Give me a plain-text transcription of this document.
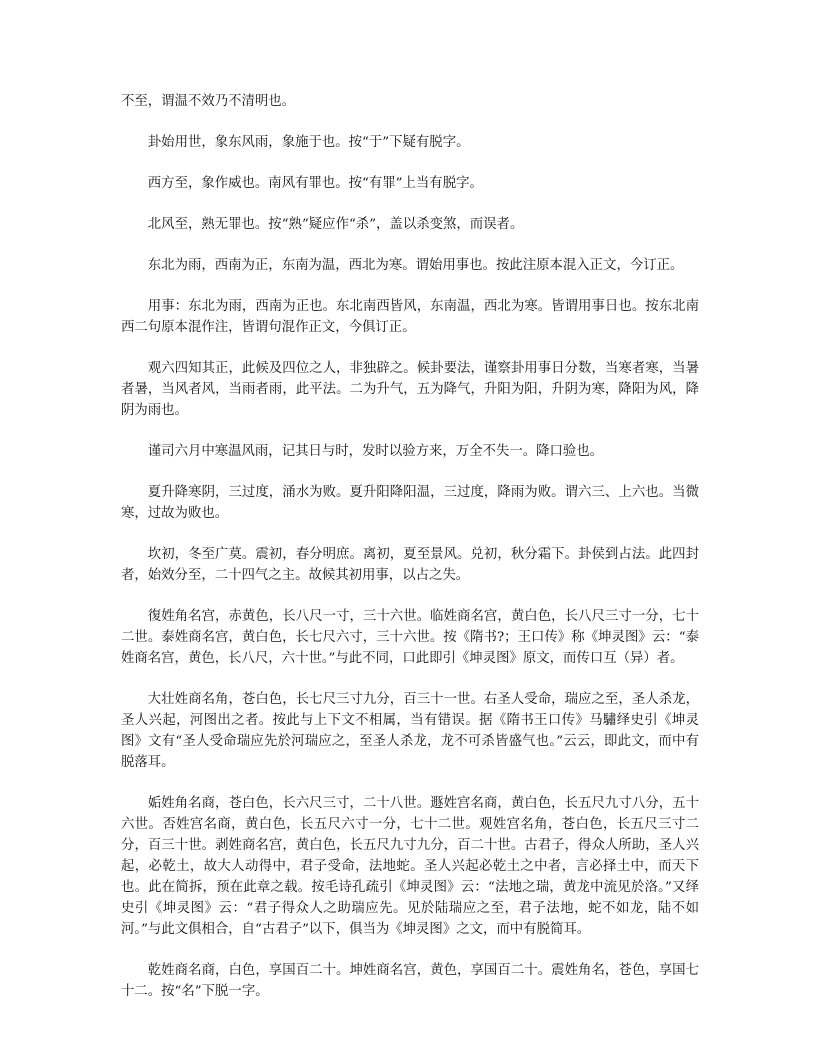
不至，谓温不效乃不清明也。

卦始用世，象东风雨，象施于也。按“于”下疑有脱字。

西方至，象作威也。南风有罪也。按“有罪”上当有脱字。

北风至，熟无罪也。按“熟”疑应作“杀”，盖以杀变煞，而误者。

东北为雨，西南为正，东南为温，西北为寒。谓始用事也。按此注原本混入正文，今订正。

用事：东北为雨，西南为正也。东北南西皆风，东南温，西北为寒。皆谓用事日也。按东北南西二句原本混作注，皆谓句混作正文，今俱订正。

观六四知其正，此候及四位之人，非独辟之。候卦要法，谨察卦用事日分数，当寒者寒，当暑者暑，当风者风，当雨者雨，此平法。二为升气，五为降气，升阳为阳，升阴为寒，降阳为风，降阴为雨也。

谨司六月中寒温风雨，记其日与时，发时以验方来，万全不失一。降口验也。

夏升降寒阴，三过度，涌水为败。夏升阳降阳温，三过度，降雨为败。谓六三、上六也。当微寒，过故为败也。

坎初，冬至广莫。震初，春分明庶。离初，夏至景风。兑初，秋分霜下。卦侯到占法。此四封者，始效分至，二十四气之主。故候其初用事，以占之失。

復姓角名宫，赤黄色，长八尺一寸，三十六世。临姓商名宫，黄白色，长八尺三寸一分，七十二世。泰姓商名宫，黄白色，长七尺六寸，三十六世。按《隋书?；王口传》称《坤灵图》云：“泰姓商名宫，黄色，长八尺，六十世。”与此不同，口此即引《坤灵图》原文，而传口互（异）者。

大壮姓商名角，苍白色，长七尺三寸九分，百三十一世。右圣人受命，瑞应之至，圣人杀龙，圣人兴起，河图出之者。按此与上下文不相属，当有错误。据《隋书王口传》马驌绎史引《坤灵图》文有“圣人受命瑞应先於河瑞应之，至圣人杀龙，龙不可杀皆盛气也。”云云，即此文，而中有脱落耳。

姤姓角名商，苍白色，长六尺三寸，二十八世。遯姓宫名商，黄白色，长五尺九寸八分，五十六世。否姓宫名商，黄白色，长五尺六寸一分，七十二世。观姓宫名角，苍白色，长五尺三寸二分，百三十世。剥姓商名宫，黄白色，长五尺九寸九分，百二十世。古君子，得众人所助，圣人兴起，必乾土，故大人动得中，君子受命，法地蛇。圣人兴起必乾土之中者，言必择土中，而天下也。此在简拆，预在此章之载。按毛诗孔疏引《坤灵图》云：“法地之瑞，黄龙中流见於洛。”又绎史引《坤灵图》云：“君子得众人之助瑞应先。见於陆瑞应之至，君子法地，蛇不如龙，陆不如河。”与此文俱相合，自“古君子”以下，俱当为《坤灵图》之文，而中有脱简耳。

乾姓商名商，白色，享国百二十。坤姓商名宫，黄色，享国百二十。震姓角名，苍色，享国七十二。按“名”下脱一字。
